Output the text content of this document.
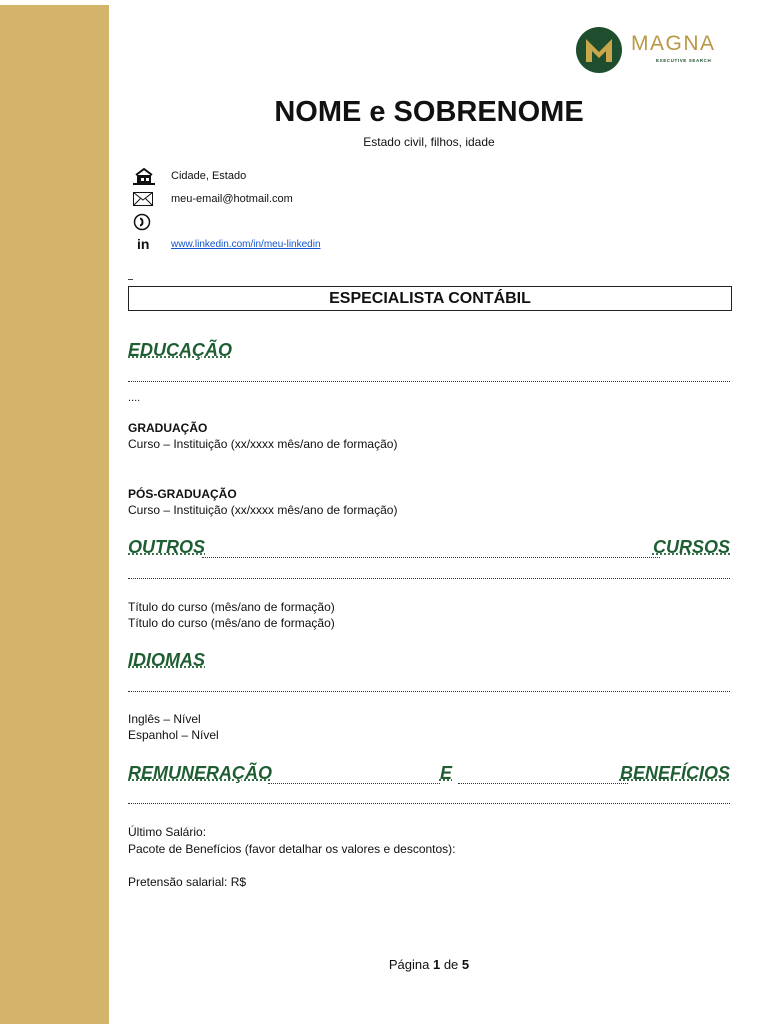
MAGNA
EXECUTIVE SEARCH
NOME e SOBRENOME
Estado civil, filhos, idade
Cidade, Estado
meu-email@hotmail.com
in www.linkedin.com/in/meu-linkedin
ESPECIALISTA CONTÁBIL
EDUCAÇÃO
....
GRADUAÇÃO
Curso – Instituição (xx/xxxx mês/ano de formação)
PÓS-GRADUAÇÃO
Curso – Instituição (xx/xxxx mês/ano de formação)
OUTROS	CURSOS
Título do curso (mês/ano de formação)
Título do curso (mês/ano de formação)
IDIOMAS
Inglês – Nível
Espanhol – Nível
REMUNERAÇÃO	E	BENEFÍCIOS
Último Salário:
Pacote de Benefícios (favor detalhar os valores e descontos):
Pretensão salarial: R$
Página 1 de 5
